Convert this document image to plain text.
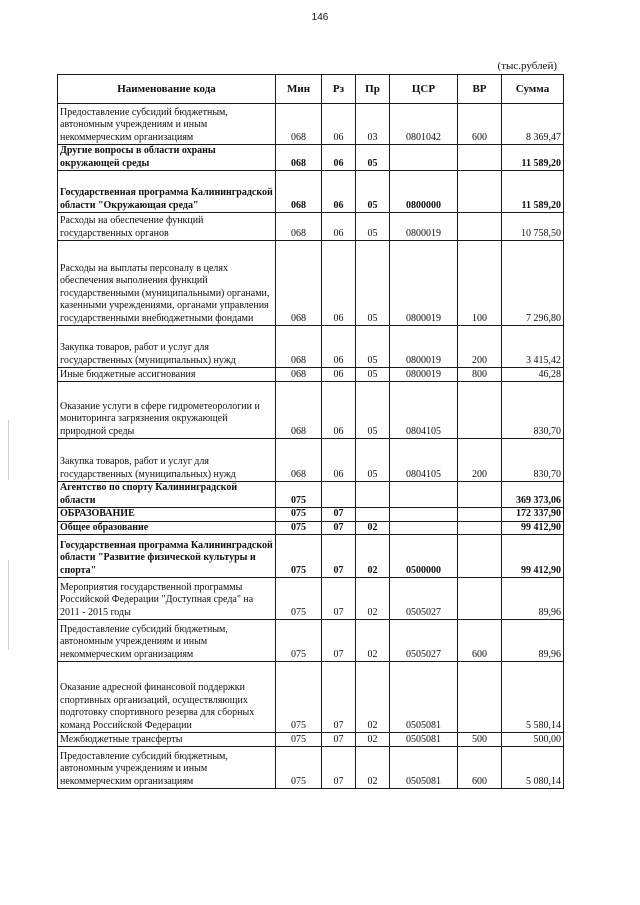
146
(тыс.рублей)
Наименование кода	Мин	Рз	Пр	ЦСР	ВР	Сумма
Предоставление субсидий бюджетным, автономным учреждениям и иным некоммерческим организациям	068	06	03	0801042	600	8 369,47
Другие вопросы в области охраны окружающей среды	068	06	05			11 589,20
Государственная программа Калининградской области "Окружающая среда"	068	06	05	0800000		11 589,20
Расходы на обеспечение функций государственных органов	068	06	05	0800019		10 758,50
Расходы на выплаты персоналу в целях обеспечения выполнения функций государственными (муниципальными) органами, казенными учреждениями, органами управления государственными внебюджетными фондами	068	06	05	0800019	100	7 296,80
Закупка товаров, работ и услуг для государственных (муниципальных) нужд	068	06	05	0800019	200	3 415,42
Иные бюджетные ассигнования	068	06	05	0800019	800	46,28
Оказание услуги в сфере гидрометеорологии и мониторинга загрязнения окружающей природной среды	068	06	05	0804105		830,70
Закупка товаров, работ и услуг для государственных (муниципальных) нужд	068	06	05	0804105	200	830,70
Агентство по спорту Калининградской области	075					369 373,06
ОБРАЗОВАНИЕ	075	07				172 337,90
Общее образование	075	07	02			99 412,90
Государственная программа Калининградской области "Развитие физической культуры и спорта"	075	07	02	0500000		99 412,90
Мероприятия государственной программы Российской Федерации "Доступная среда" на 2011 - 2015 годы	075	07	02	0505027		89,96
Предоставление субсидий бюджетным, автономным учреждениям и иным некоммерческим организациям	075	07	02	0505027	600	89,96
Оказание адресной финансовой поддержки спортивных организаций, осуществляющих подготовку спортивного резерва для сборных команд Российской Федерации	075	07	02	0505081		5 580,14
Межбюджетные трансферты	075	07	02	0505081	500	500,00
Предоставление субсидий бюджетным, автономным учреждениям и иным некоммерческим организациям	075	07	02	0505081	600	5 080,14
